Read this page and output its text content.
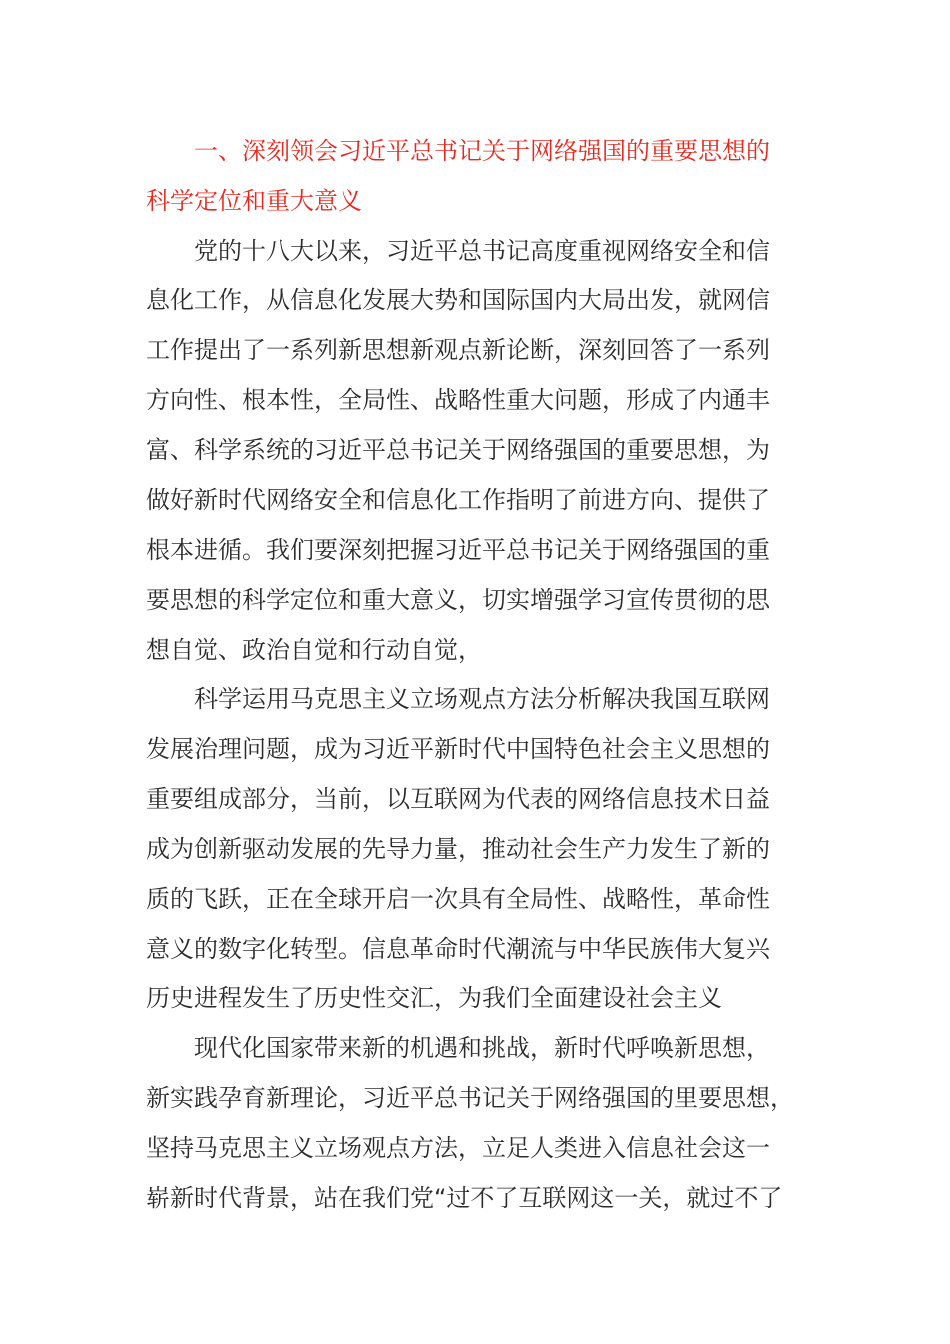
一、深刻领会习近平总书记关于网络强国的重要思想的
科学定位和重大意义
党的十八大以来，习近平总书记高度重视网络安全和信
息化工作，从信息化发展大势和国际国内大局出发，就网信
工作提出了一系列新思想新观点新论断，深刻回答了一系列
方向性、根本性，全局性、战略性重大问题，形成了内通丰
富、科学系统的习近平总书记关于网络强国的重要思想，为
做好新时代网络安全和信息化工作指明了前进方向、提供了
根本进循。我们要深刻把握习近平总书记关于网络强国的重
要思想的科学定位和重大意义，切实增强学习宣传贯彻的思
想自觉、政治自觉和行动自觉，
科学运用马克思主义立场观点方法分析解决我国互联网
发展治理问题，成为习近平新时代中国特色社会主义思想的
重要组成部分，当前，以互联网为代表的网络信息技术日益
成为创新驱动发展的先导力量，推动社会生产力发生了新的
质的飞跃，正在全球开启一次具有全局性、战略性，革命性
意义的数字化转型。信息革命时代潮流与中华民族伟大复兴
历史进程发生了历史性交汇，为我们全面建设社会主义
现代化国家带来新的机遇和挑战，新时代呼唤新思想，
新实践孕育新理论，习近平总书记关于网络强国的里要思想，
坚持马克思主义立场观点方法，立足人类进入信息社会这一
崭新时代背景，站在我们党“过不了互联网这一关，就过不了
